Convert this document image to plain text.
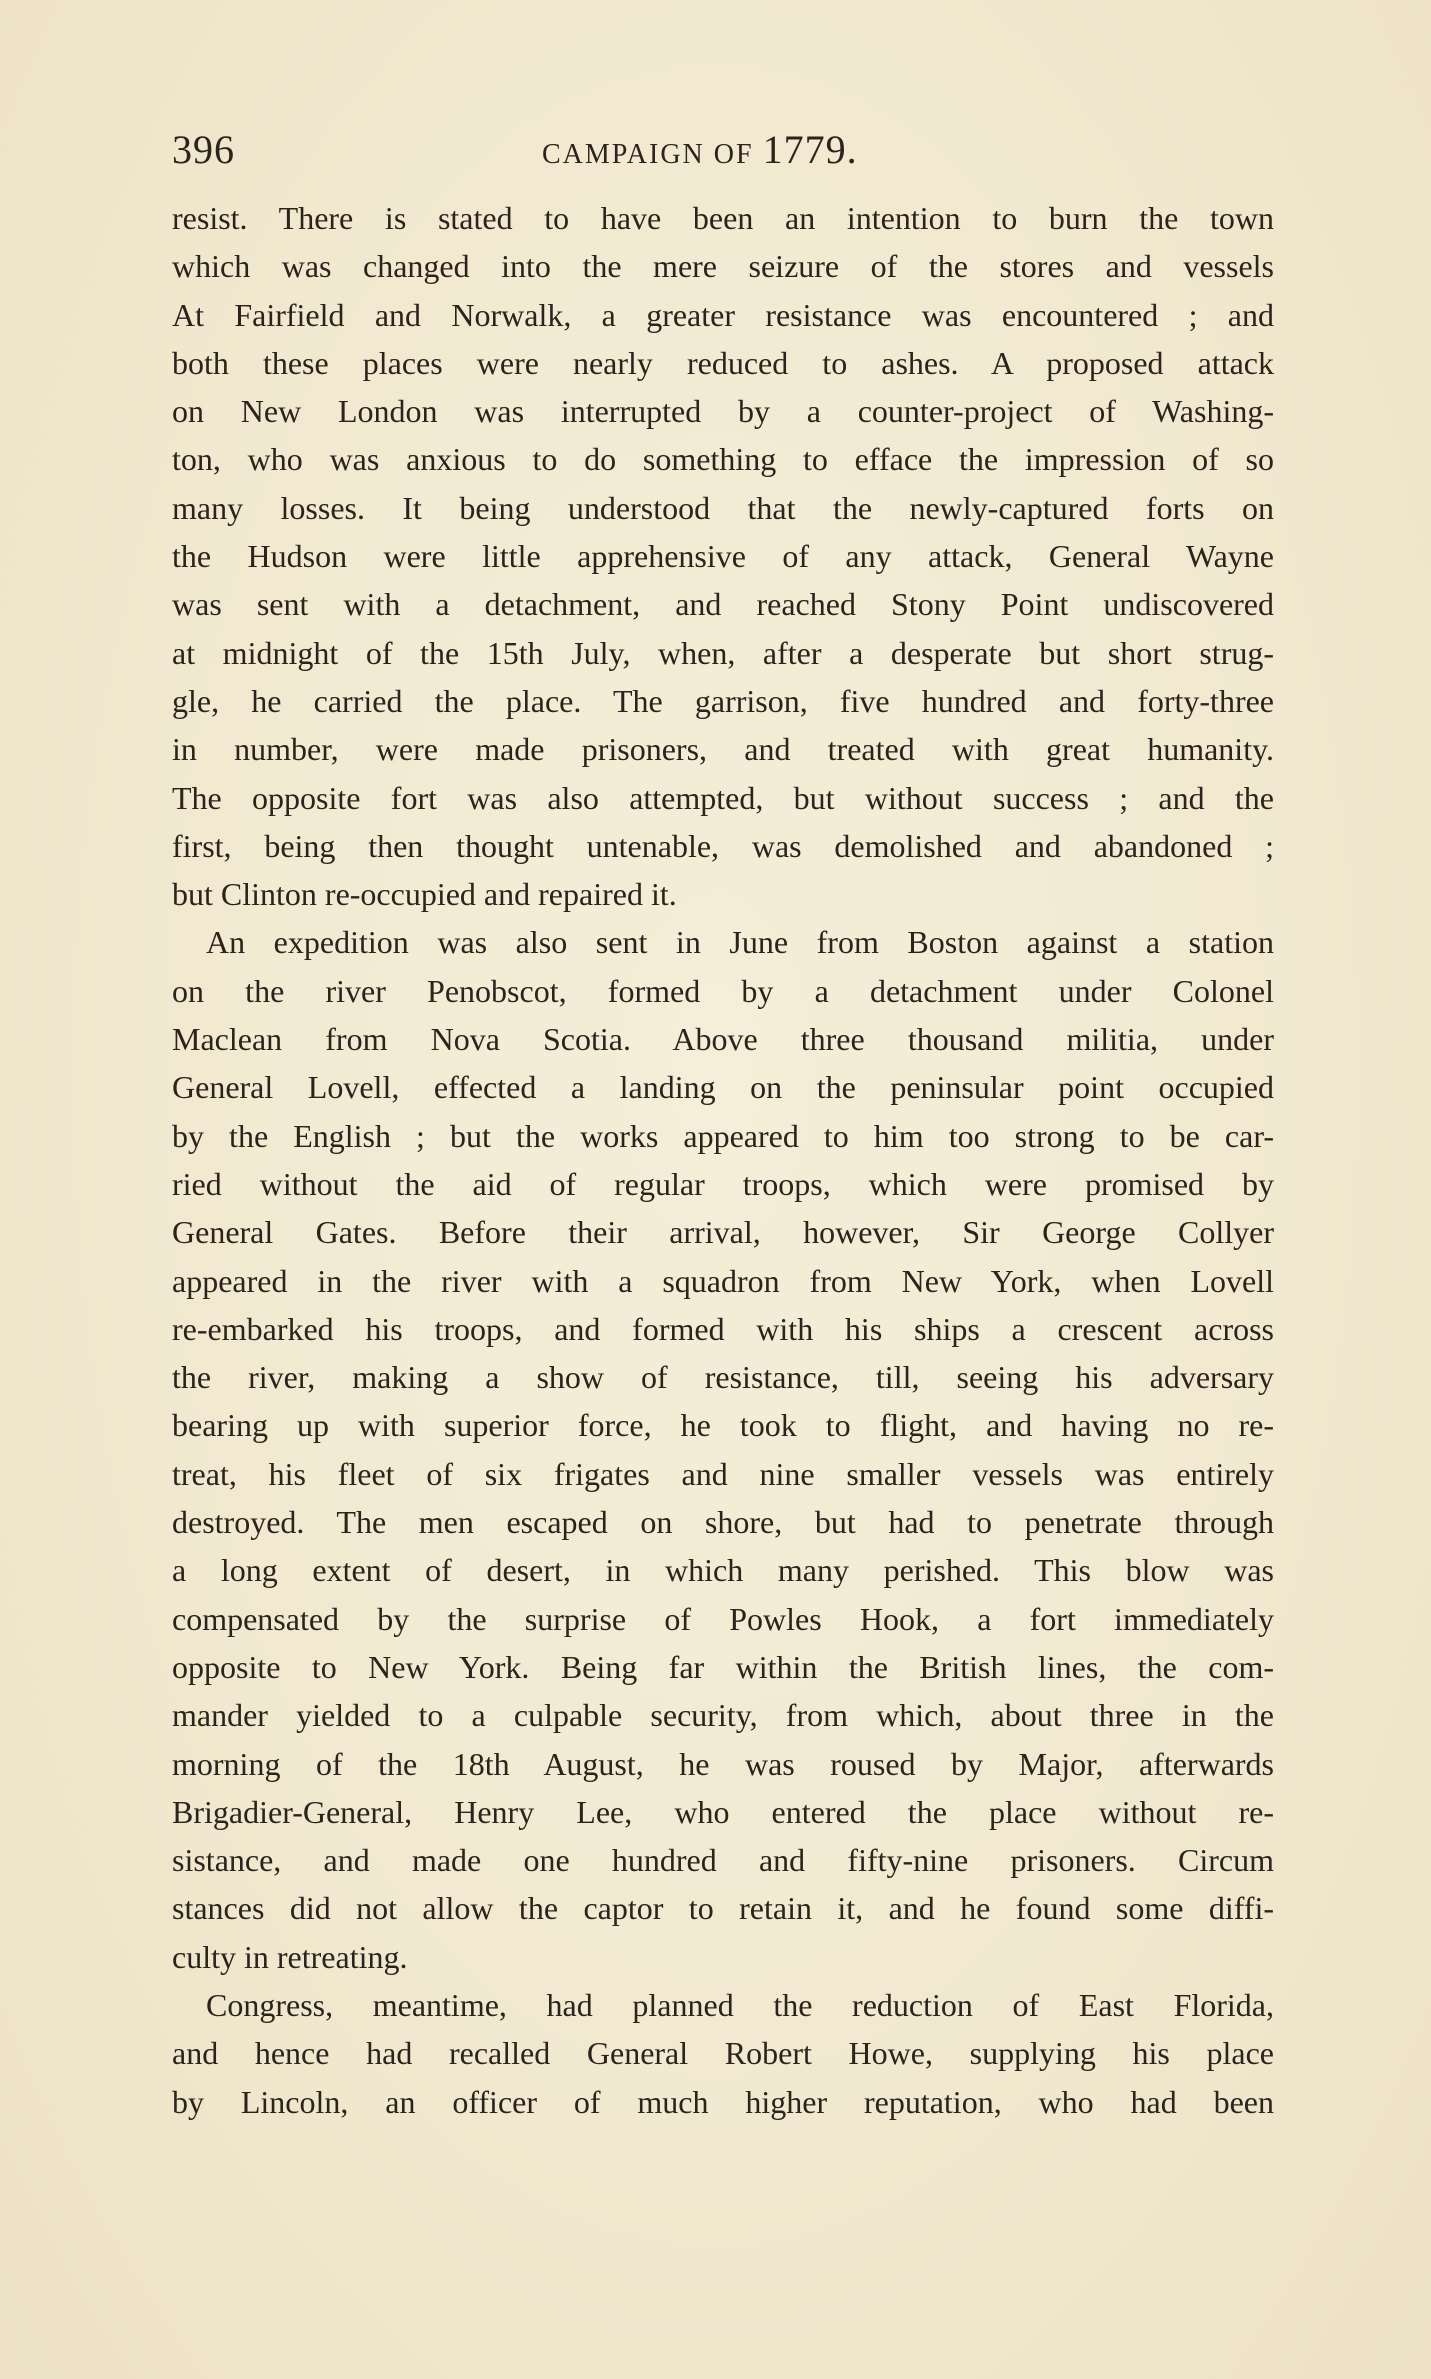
396	CAMPAIGN OF 1779.
resist. There is stated to have been an intention to burn the town
which was changed into the mere seizure of the stores and vessels
At Fairfield and Norwalk, a greater resistance was encountered ; and
both these places were nearly reduced to ashes. A proposed attack
on New London was interrupted by a counter-project of Washing-
ton, who was anxious to do something to efface the impression of so
many losses. It being understood that the newly-captured forts on
the Hudson were little apprehensive of any attack, General Wayne
was sent with a detachment, and reached Stony Point undiscovered
at midnight of the 15th July, when, after a desperate but short strug-
gle, he carried the place. The garrison, five hundred and forty-three
in number, were made prisoners, and treated with great humanity.
The opposite fort was also attempted, but without success ; and the
first, being then thought untenable, was demolished and abandoned ;
but Clinton re-occupied and repaired it.
An expedition was also sent in June from Boston against a station
on the river Penobscot, formed by a detachment under Colonel
Maclean from Nova Scotia. Above three thousand militia, under
General Lovell, effected a landing on the peninsular point occupied
by the English ; but the works appeared to him too strong to be car-
ried without the aid of regular troops, which were promised by
General Gates. Before their arrival, however, Sir George Collyer
appeared in the river with a squadron from New York, when Lovell
re-embarked his troops, and formed with his ships a crescent across
the river, making a show of resistance, till, seeing his adversary
bearing up with superior force, he took to flight, and having no re-
treat, his fleet of six frigates and nine smaller vessels was entirely
destroyed. The men escaped on shore, but had to penetrate through
a long extent of desert, in which many perished. This blow was
compensated by the surprise of Powles Hook, a fort immediately
opposite to New York. Being far within the British lines, the com-
mander yielded to a culpable security, from which, about three in the
morning of the 18th August, he was roused by Major, afterwards
Brigadier-General, Henry Lee, who entered the place without re-
sistance, and made one hundred and fifty-nine prisoners. Circum
stances did not allow the captor to retain it, and he found some diffi-
culty in retreating.
Congress, meantime, had planned the reduction of East Florida,
and hence had recalled General Robert Howe, supplying his place
by Lincoln, an officer of much higher reputation, who had been
